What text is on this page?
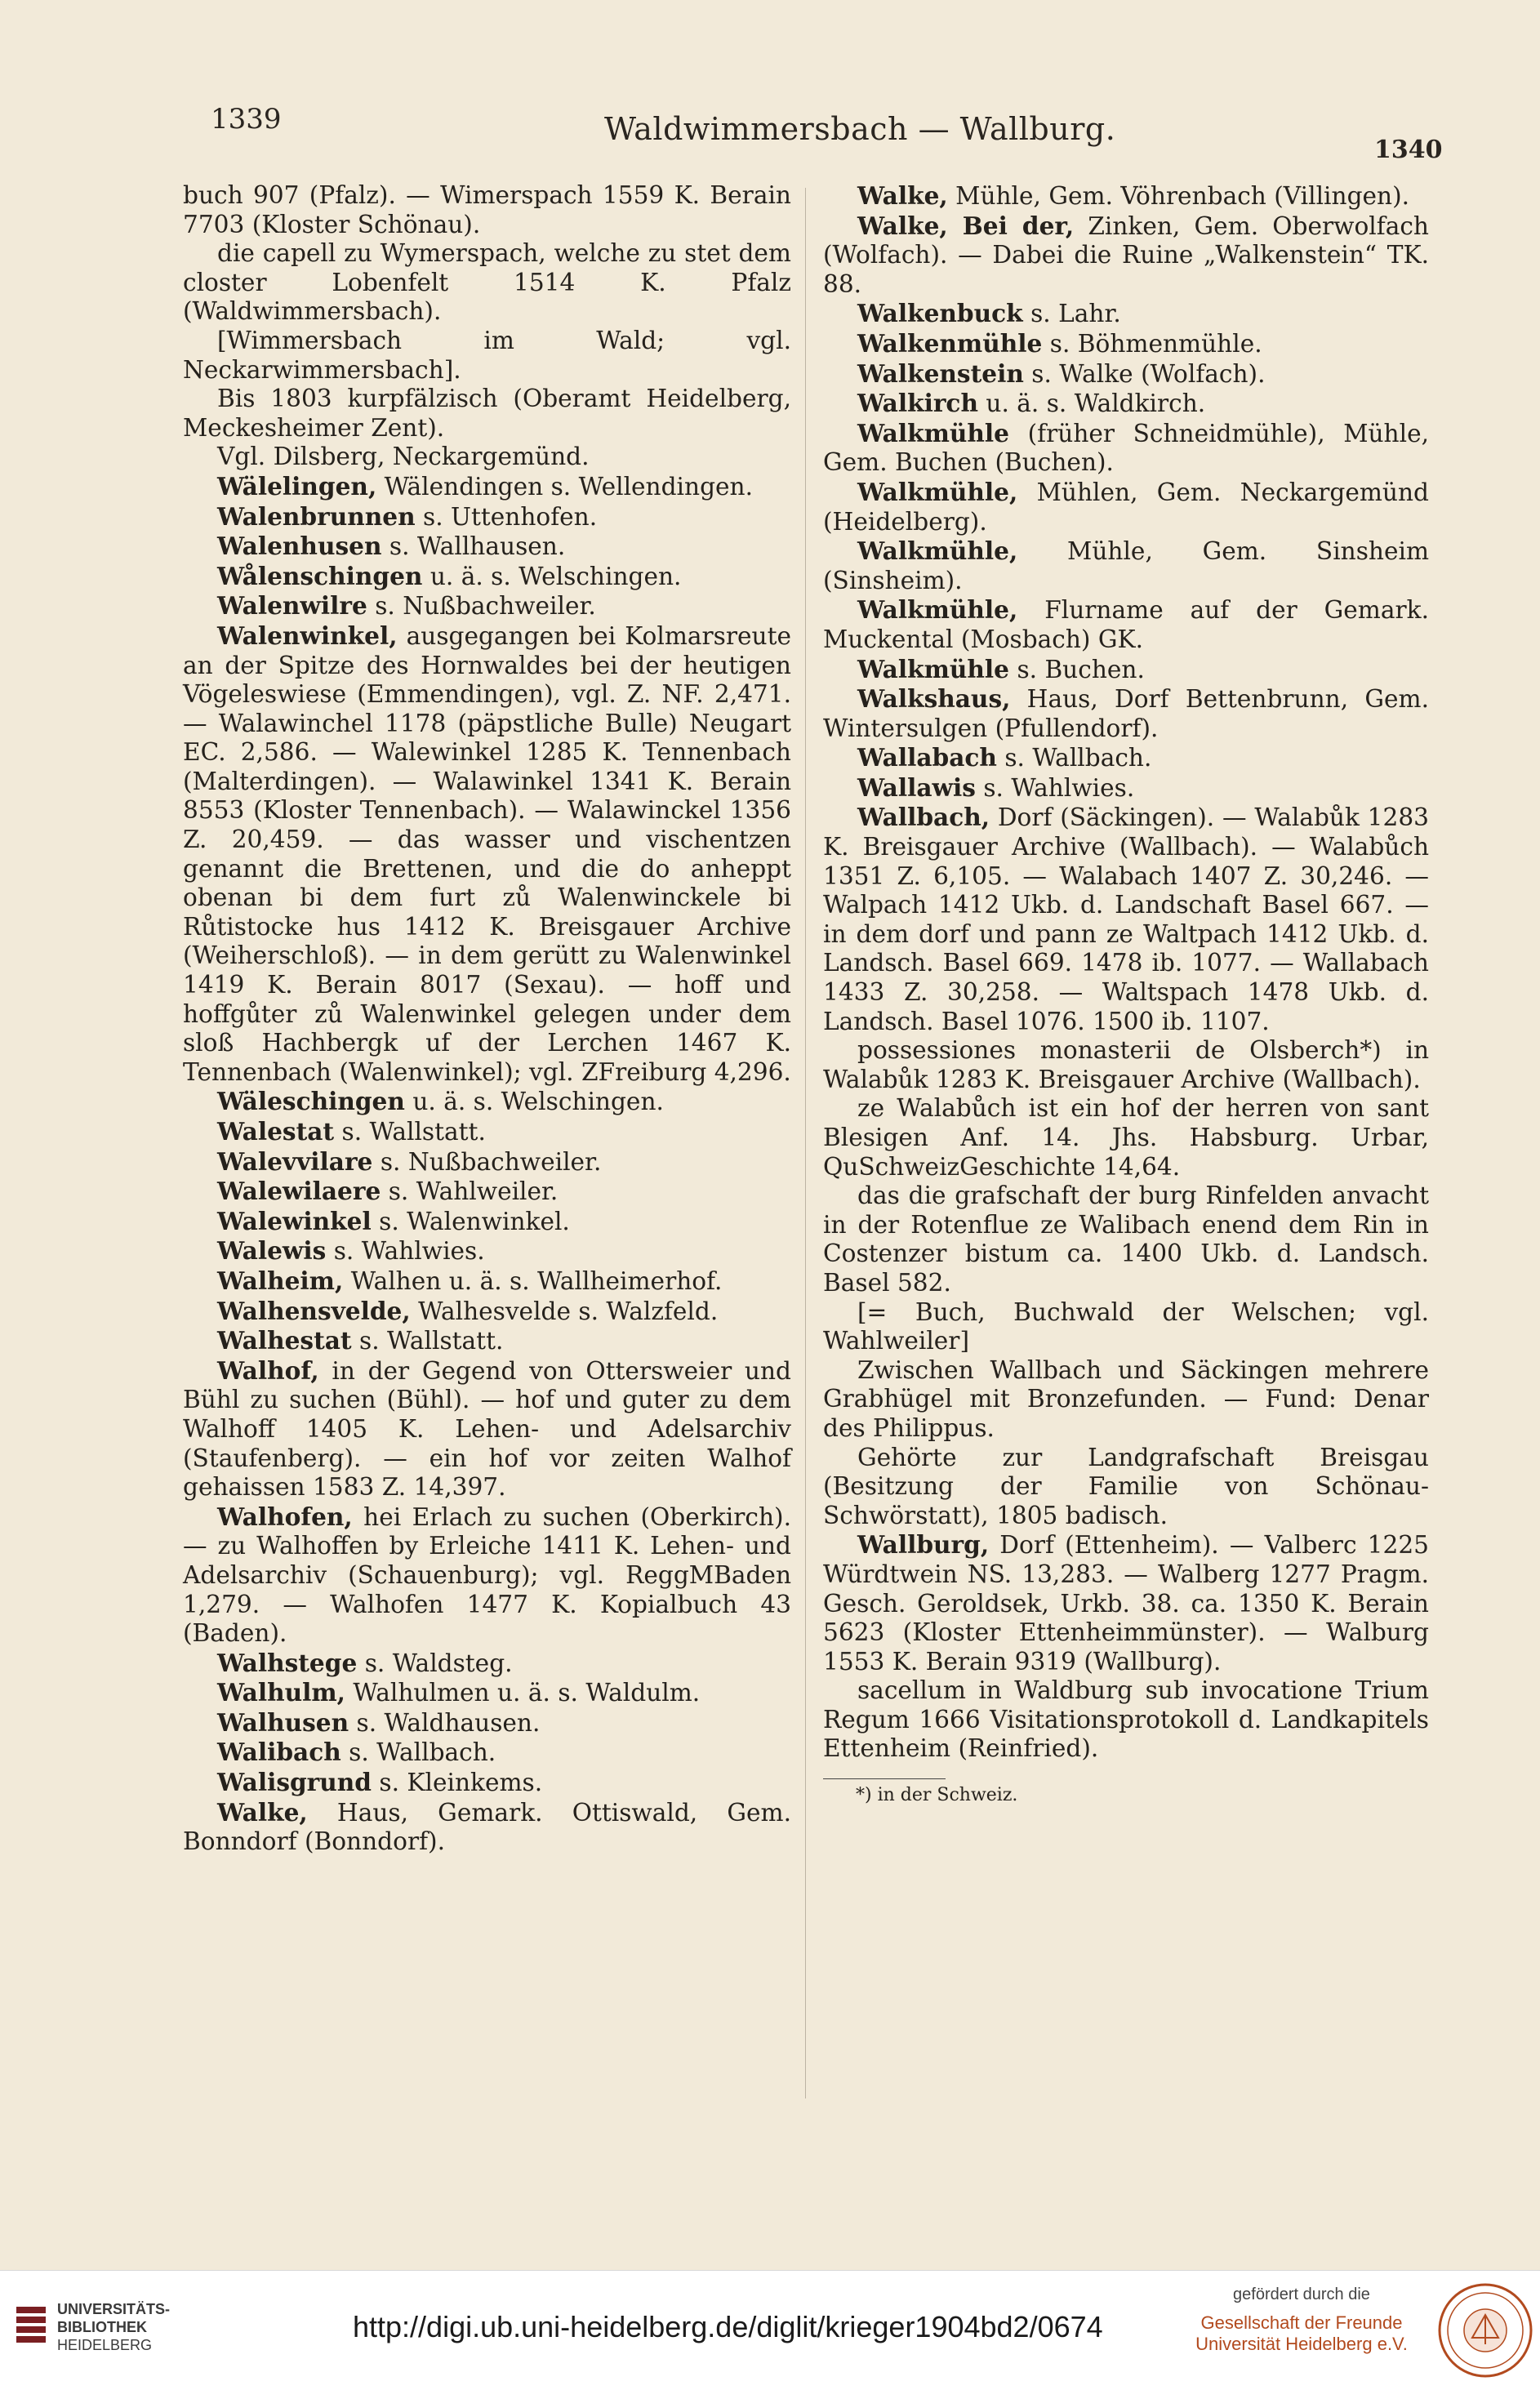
1339	Waldwimmersbach — Wallburg.
1340

buch 907 (Pfalz). — Wimerspach 1559 K. Berain 7703 (Kloster Schönau).

die capell zu Wymerspach, welche zu stet dem closter Lobenfelt 1514 K. Pfalz (Waldwimmersbach).

[Wimmersbach im Wald; vgl. Neckarwimmersbach].

Bis 1803 kurpfälzisch (Oberamt Heidelberg, Meckesheimer Zent).

Vgl. Dilsberg, Neckargemünd.

Wälelingen, Wälendingen s. Wellendingen.

Walenbrunnen s. Uttenhofen.

Walenhusen s. Wallhausen.

Wålenschingen u. ä. s. Welschingen.

Walenwilre s. Nußbachweiler.

Walenwinkel, ausgegangen bei Kolmarsreute an der Spitze des Hornwaldes bei der heutigen Vögeleswiese (Emmendingen), vgl. Z. NF. 2,471. — Walawinchel 1178 (päpstliche Bulle) Neugart EC. 2,586. — Walewinkel 1285 K. Tennenbach (Malterdingen). — Walawinkel 1341 K. Berain 8553 (Kloster Tennenbach). — Walawinckel 1356 Z. 20,459. — das wasser und vischentzen genannt die Brettenen, und die do anheppt obenan bi dem furt zů Walenwinckele bi Růtistocke hus 1412 K. Breisgauer Archive (Weiherschloß). — in dem gerütt zu Walenwinkel 1419 K. Berain 8017 (Sexau). — hoff und hoffgůter zů Walenwinkel gelegen under dem sloß Hachbergk uf der Lerchen 1467 K. Tennenbach (Walenwinkel); vgl. ZFreiburg 4,296.

Wäleschingen u. ä. s. Welschingen.

Walestat s. Wallstatt.

Walevvilare s. Nußbachweiler.

Walewilaere s. Wahlweiler.

Walewinkel s. Walenwinkel.

Walewis s. Wahlwies.

Walheim, Walhen u. ä. s. Wallheimerhof.

Walhensvelde, Walhesvelde s. Walzfeld.

Walhestat s. Wallstatt.

Walhof, in der Gegend von Ottersweier und Bühl zu suchen (Bühl). — hof und guter zu dem Walhoff 1405 K. Lehen- und Adelsarchiv (Staufenberg). — ein hof vor zeiten Walhof gehaissen 1583 Z. 14,397.

Walhofen, hei Erlach zu suchen (Oberkirch). — zu Walhoffen by Erleiche 1411 K. Lehen- und Adelsarchiv (Schauenburg); vgl. ReggMBaden 1,279. — Walhofen 1477 K. Kopialbuch 43 (Baden).

Walhstege s. Waldsteg.

Walhulm, Walhulmen u. ä. s. Waldulm.

Walhusen s. Waldhausen.

Walibach s. Wallbach.

Walisgrund s. Kleinkems.

Walke, Haus, Gemark. Ottiswald, Gem. Bonndorf (Bonndorf).

Walke, Mühle, Gem. Vöhrenbach (Villingen).

Walke, Bei der, Zinken, Gem. Oberwolfach (Wolfach). — Dabei die Ruine „Walkenstein“ TK. 88.

Walkenbuck s. Lahr.

Walkenmühle s. Böhmenmühle.

Walkenstein s. Walke (Wolfach).

Walkirch u. ä. s. Waldkirch.

Walkmühle (früher Schneidmühle), Mühle, Gem. Buchen (Buchen).

Walkmühle, Mühlen, Gem. Neckargemünd (Heidelberg).

Walkmühle, Mühle, Gem. Sinsheim (Sinsheim).

Walkmühle, Flurname auf der Gemark. Muckental (Mosbach) GK.

Walkmühle s. Buchen.

Walkshaus, Haus, Dorf Bettenbrunn, Gem. Wintersulgen (Pfullendorf).

Wallabach s. Wallbach.

Wallawis s. Wahlwies.

Wallbach, Dorf (Säckingen). — Walabůk 1283 K. Breisgauer Archive (Wallbach). — Walabůch 1351 Z. 6,105. — Walabach 1407 Z. 30,246. — Walpach 1412 Ukb. d. Landschaft Basel 667. — in dem dorf und pann ze Waltpach 1412 Ukb. d. Landsch. Basel 669. 1478 ib. 1077. — Wallabach 1433 Z. 30,258. — Waltspach 1478 Ukb. d. Landsch. Basel 1076. 1500 ib. 1107.

possessiones monasterii de Olsberch*) in Walabůk 1283 K. Breisgauer Archive (Wallbach).

ze Walabůch ist ein hof der herren von sant Blesigen Anf. 14. Jhs. Habsburg. Urbar, QuSchweizGeschichte 14,64.

das die grafschaft der burg Rinfelden anvacht in der Rotenflue ze Walibach enend dem Rin in Costenzer bistum ca. 1400 Ukb. d. Landsch. Basel 582.

[= Buch, Buchwald der Welschen; vgl. Wahlweiler]

Zwischen Wallbach und Säckingen mehrere Grabhügel mit Bronzefunden. — Fund: Denar des Philippus.

Gehörte zur Landgrafschaft Breisgau (Besitzung der Familie von Schönau-Schwörstatt), 1805 badisch.

Wallburg, Dorf (Ettenheim). — Valberc 1225 Würdtwein NS. 13,283. — Walberg 1277 Pragm. Gesch. Geroldsek, Urkb. 38. ca. 1350 K. Berain 5623 (Kloster Ettenheimmünster). — Walburg 1553 K. Berain 9319 (Wallburg).

sacellum in Waldburg sub invocatione Trium Regum 1666 Visitationsprotokoll d. Landkapitels Ettenheim (Reinfried).

*) in der Schweiz.

UNIVERSITÄTS-
BIBLIOTHEK
HEIDELBERG

http://digi.ub.uni-heidelberg.de/diglit/krieger1904bd2/0674
gefördert durch die
Gesellschaft der Freunde
Universität Heidelberg e.V.
